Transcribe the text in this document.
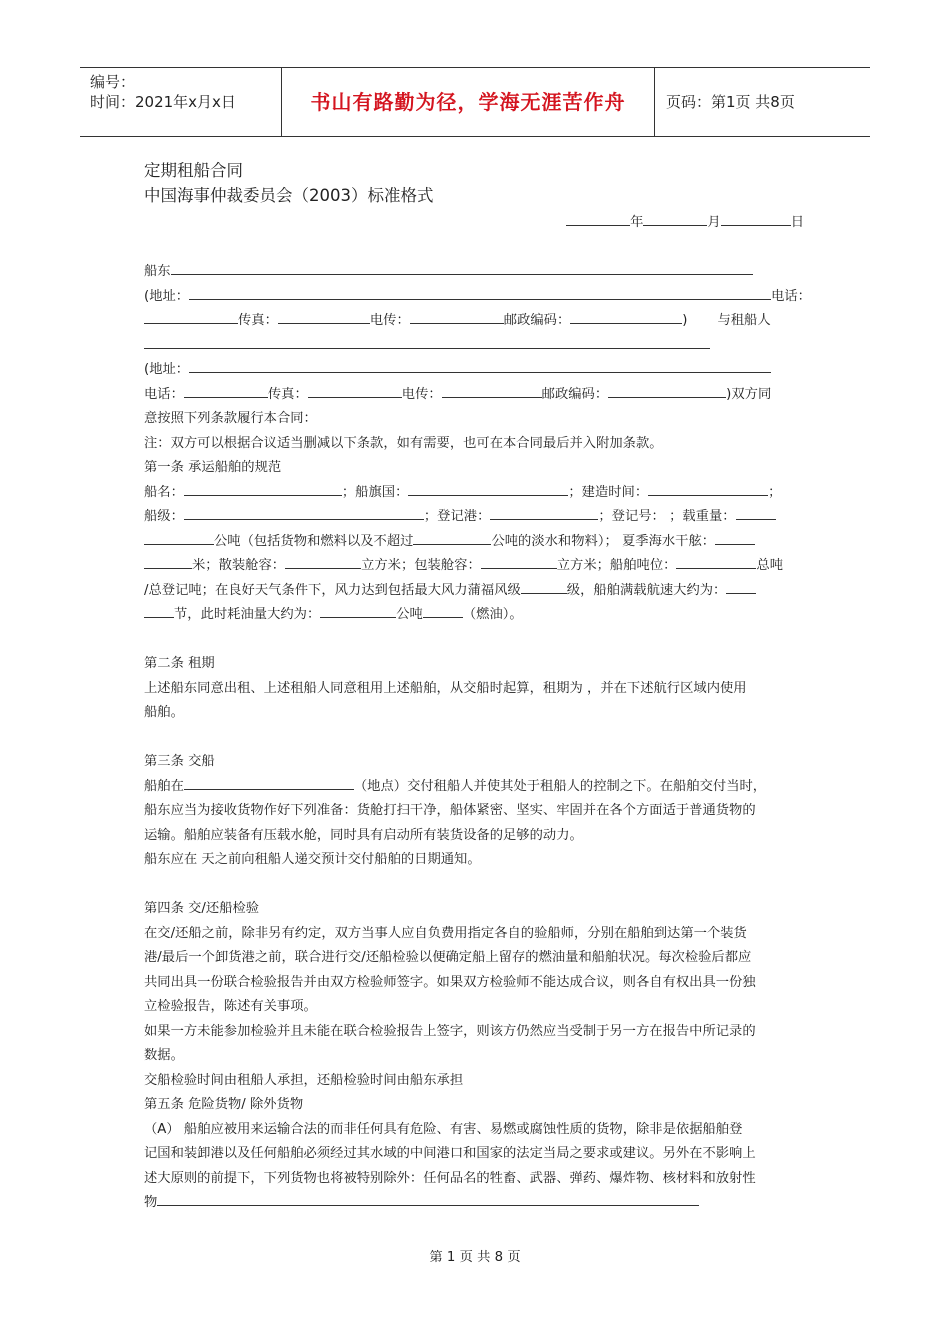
编号：
时间：2021年x月x日	书山有路勤为径，学海无涯苦作舟	页码：第1页 共8页

定期租船合同

中国海事仲裁委员会（2003）标准格式

年	月	日

船东

(地址：	电话：

传真：	电传：	邮政编码：	) 与租船人

(地址：

电话：	传真：	电传：	邮政编码：	)双方同

意按照下列条款履行本合同：

注：双方可以根据合议适当删减以下条款，如有需要，也可在本合同最后并入附加条款。

第一条 承运船舶的规范

船名：	；船旗国：	；建造时间：	；

船级：	；登记港：	；登记号： ；载重量：

公吨（包括货物和燃料以及不超过	公吨的淡水和物料）； 夏季海水干舷：

米；散装舱容：	立方米；包装舱容：	立方米；船舶吨位：	总吨

/总登记吨；在良好天气条件下，风力达到包括最大风力蒲福风级	级，船舶满载航速大约为：

节，此时耗油量大约为：	公吨	（燃油）。

第二条 租期

上述船东同意出租、上述租船人同意租用上述船舶，从交船时起算，租期为 ，并在下述航行区域内使用

船舶。

第三条 交船

船舶在	（地点）交付租船人并使其处于租船人的控制之下。在船舶交付当时，

船东应当为接收货物作好下列准备：货舱打扫干净，船体紧密、坚实、牢固并在各个方面适于普通货物的

运输。船舶应装备有压载水舱，同时具有启动所有装货设备的足够的动力。

船东应在 天之前向租船人递交预计交付船舶的日期通知。

第四条 交/还船检验

在交/还船之前，除非另有约定，双方当事人应自负费用指定各自的验船师，分别在船舶到达第一个装货

港/最后一个卸货港之前，联合进行交/还船检验以便确定船上留存的燃油量和船舶状况。每次检验后都应

共同出具一份联合检验报告并由双方检验师签字。如果双方检验师不能达成合议，则各自有权出具一份独

立检验报告，陈述有关事项。

如果一方未能参加检验并且未能在联合检验报告上签字，则该方仍然应当受制于另一方在报告中所记录的

数据。

交船检验时间由租船人承担，还船检验时间由船东承担

第五条 危险货物/ 除外货物

（A） 船舶应被用来运输合法的而非任何具有危险、有害、易燃或腐蚀性质的货物，除非是依据船舶登

记国和装卸港以及任何船舶必须经过其水域的中间港口和国家的法定当局之要求或建议。另外在不影响上

述大原则的前提下，下列货物也将被特别除外：任何品名的牲畜、武器、弹药、爆炸物、核材料和放射性

物

第 1 页 共 8 页
